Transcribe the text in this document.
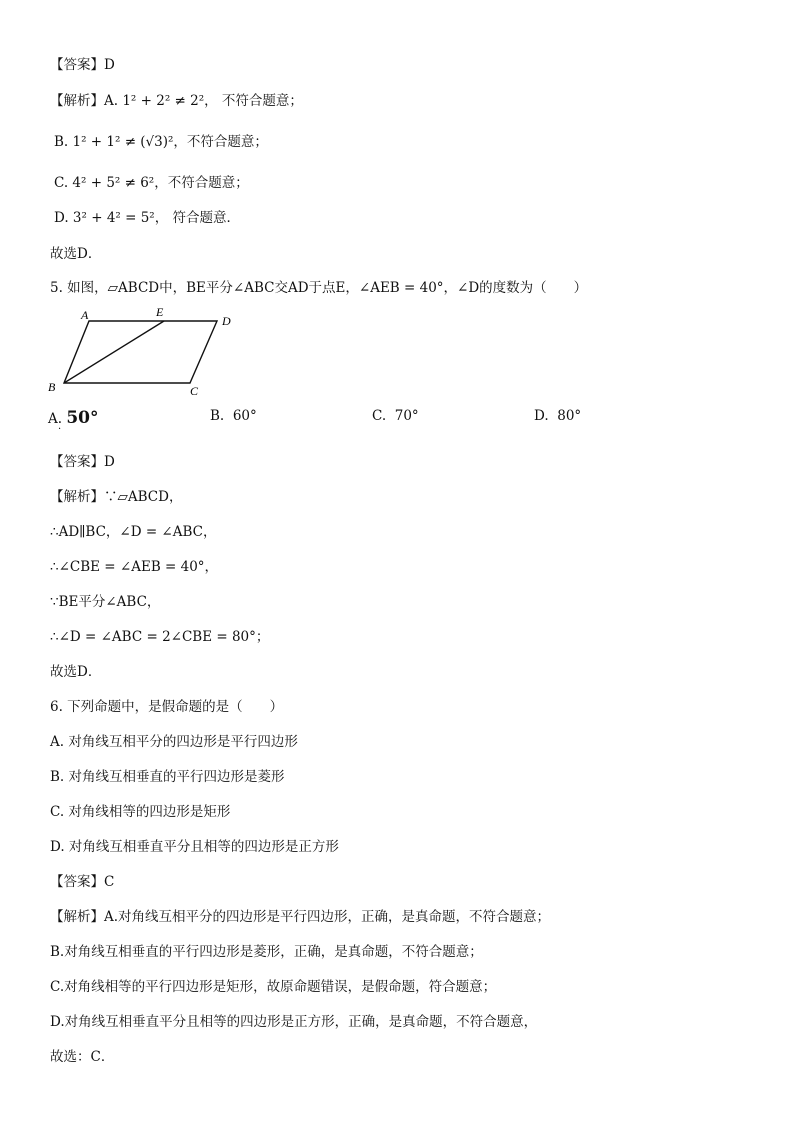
【答案】D
【解析】A. 1² + 2² ≠ 2²， 不符合题意；
B. 1² + 1² ≠ (√3)²，不符合题意；
C. 4² + 5² ≠ 6²，不符合题意；
D. 3² + 4² = 5²， 符合题意．
故选D．
5. 如图，▱ABCD中，BE平分∠ABC交AD于点E，∠AEB = 40°，∠D的度数为（　　）
A	E
D
B	C
A. 50°
·
B. 60°	C. 70°	D. 80°
【答案】D
【解析】∵▱ABCD，
∴AD∥BC，∠D = ∠ABC，
∴∠CBE = ∠AEB = 40°，
∵BE平分∠ABC，
∴∠D = ∠ABC = 2∠CBE = 80°；
故选D．
6. 下列命题中，是假命题的是（　　）
A. 对角线互相平分的四边形是平行四边形
B. 对角线互相垂直的平行四边形是菱形
C. 对角线相等的四边形是矩形
D. 对角线互相垂直平分且相等的四边形是正方形
【答案】C
【解析】A.对角线互相平分的四边形是平行四边形，正确，是真命题，不符合题意；
B.对角线互相垂直的平行四边形是菱形，正确，是真命题，不符合题意；
C.对角线相等的平行四边形是矩形，故原命题错误，是假命题，符合题意；
D.对角线互相垂直平分且相等的四边形是正方形，正确，是真命题，不符合题意，
故选：C．
